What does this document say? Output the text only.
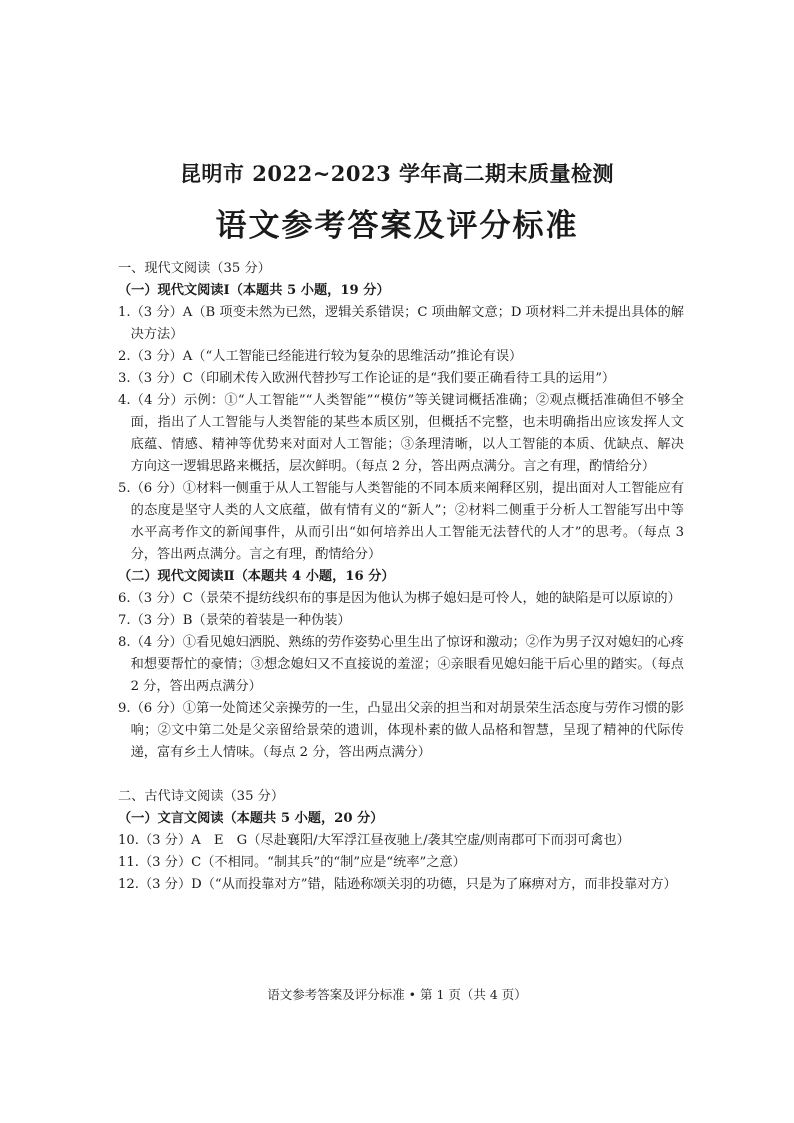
昆明市 2022~2023 学年高二期末质量检测
语文参考答案及评分标准
一、现代文阅读（35 分）
（一）现代文阅读Ⅰ（本题共 5 小题，19 分）
1. （3 分）A（B 项变未然为已然，逻辑关系错误；C 项曲解文意；D 项材料二并未提出具体的解决方法）
2. （3 分）A（“人工智能已经能进行较为复杂的思维活动”推论有误）
3. （3 分）C（印刷术传入欧洲代替抄写工作论证的是“我们要正确看待工具的运用”）
4. （4 分）示例：①“人工智能”“人类智能”“模仿”等关键词概括准确；②观点概括准确但不够全面，指出了人工智能与人类智能的某些本质区别，但概括不完整，也未明确指出应该发挥人文底蕴、情感、精神等优势来对面对人工智能；③条理清晰，以人工智能的本质、优缺点、解决方向这一逻辑思路来概括，层次鲜明。（每点 2 分，答出两点满分。言之有理，酌情给分）
5. （6 分）①材料一侧重于从人工智能与人类智能的不同本质来阐释区别，提出面对人工智能应有的态度是坚守人类的人文底蕴，做有情有义的“新人”；②材料二侧重于分析人工智能写出中等水平高考作文的新闻事件，从而引出“如何培养出人工智能无法替代的人才”的思考。（每点 3 分，答出两点满分。言之有理，酌情给分）
（二）现代文阅读Ⅱ（本题共 4 小题，16 分）
6. （3 分）C（景荣不提纺线织布的事是因为他认为梆子媳妇是可怜人，她的缺陷是可以原谅的）
7. （3 分）B（景荣的着装是一种伪装）
8. （4 分）①看见媳妇洒脱、熟练的劳作姿势心里生出了惊讶和激动；②作为男子汉对媳妇的心疼和想要帮忙的豪情；③想念媳妇又不直接说的羞涩；④亲眼看见媳妇能干后心里的踏实。（每点 2 分，答出两点满分）
9. （6 分）①第一处简述父亲操劳的一生，凸显出父亲的担当和对胡景荣生活态度与劳作习惯的影响；②文中第二处是父亲留给景荣的遗训，体现朴素的做人品格和智慧，呈现了精神的代际传递，富有乡土人情味。（每点 2 分，答出两点满分）
二、古代诗文阅读（35 分）
（一）文言文阅读（本题共 5 小题，20 分）
10. （3 分）A　E　G（尽赴襄阳/大军浮江昼夜驰上/袭其空虚/则南郡可下而羽可禽也）
11. （3 分）C（不相同。“制其兵”的“制”应是“统率”之意）
12. （3 分）D（“从而投靠对方”错，陆逊称颂关羽的功德，只是为了麻痹对方，而非投靠对方）
语文参考答案及评分标准 • 第 1 页（共 4 页）
